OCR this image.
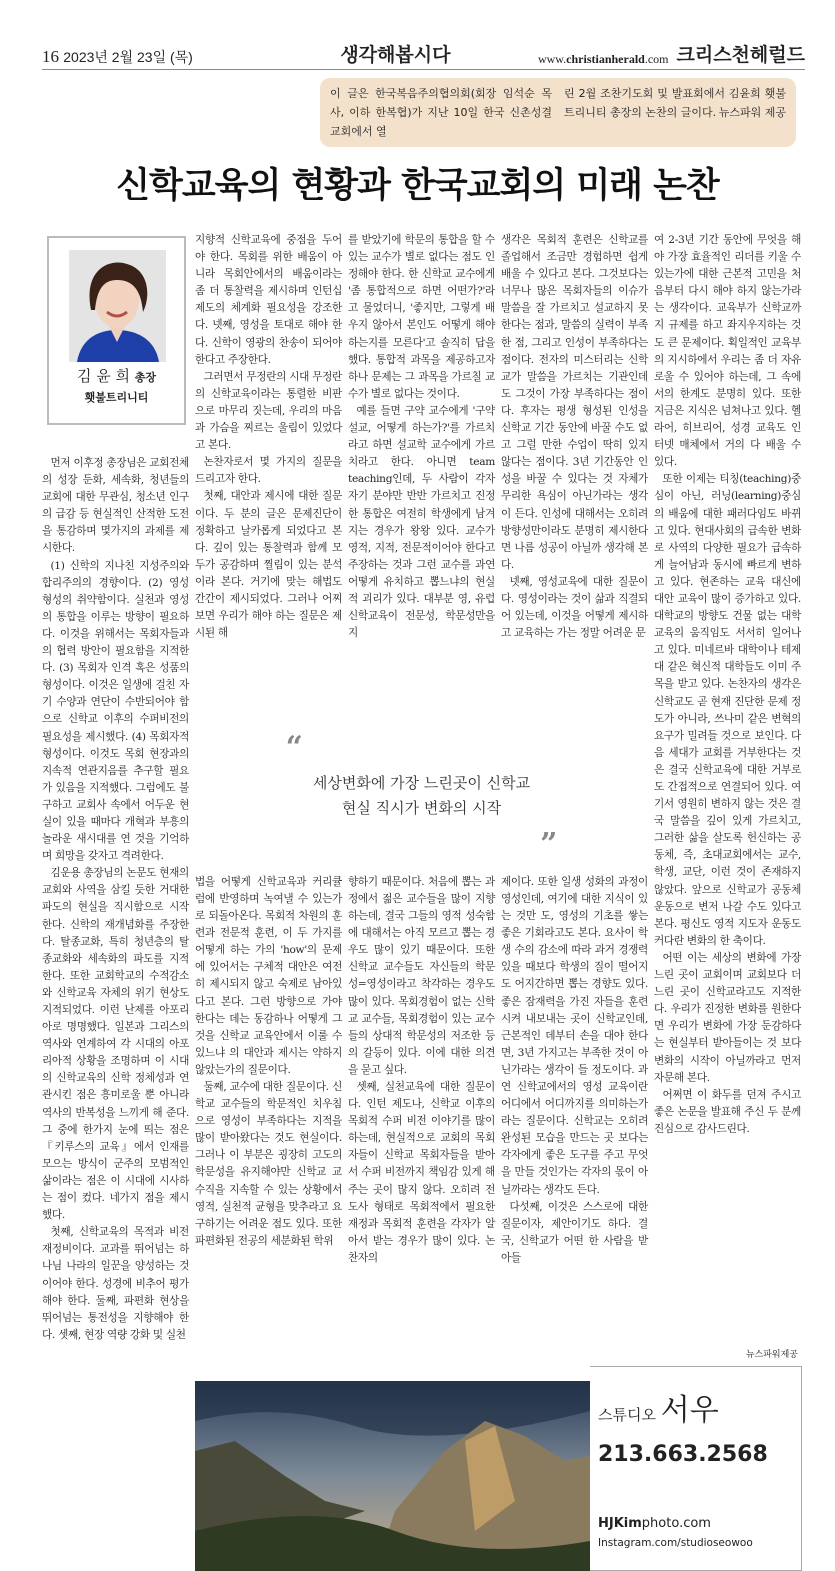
16 2023년 2월 23일 (목)	생각해봅시다	www.christianherald.com 크리스천헤럴드
이 글은 한국복음주의협의회(회장 임석순 목사, 이하 한복협)가 지난 10일 한국 신촌성결교회에서 열
린 2월 조찬기도회 및 발표회에서 김윤희 횃불트리니티 총장의 논찬의 글이다. 뉴스파워 제공
신학교육의 현황과 한국교회의 미래 논찬
김 윤 희 총장
횃불트리니티

먼저 이후정 총장님은 교회전체의 성장 둔화, 세속화, 청년들의 교회에 대한 무관심, 청소년 인구의 급감 등 현실적인 산적한 도전을 통감하며 몇가지의 과제를 제시한다.

(1) 신학의 지나친 지성주의와 합리주의의 경향이다. (2) 영성 형성의 취약함이다. 실천과 영성의 통합을 이루는 방향이 필요하다. 이것을 위해서는 목회자들과의 협력 방안이 필요함을 지적한다. (3) 목회자 인격 혹은 성품의 형성이다. 이것은 일생에 걸친 자기 수양과 연단이 수반되어야 함으로 신학교 이후의 수퍼비전의 필요성을 제시했다. (4) 목회자적 형성이다. 이것도 목회 현장과의 지속적 연관지음를 추구할 필요가 있음을 지적했다. 그럼에도 불구하고 교회사 속에서 어두운 현실이 있을 때마다 개혁과 부흥의 놀라운 새시대를 연 것을 기억하며 희망을 갖자고 격려한다.

김운용 총장님의 논문도 현재의 교회와 사역을 삼킬 듯한 거대한 파도의 현실을 직시함으로 시작한다. 신학의 재개념화를 주장한다. 탈종교화, 특히 청년층의 탈 종교화와 세속화의 파도를 지적한다. 또한 교회학교의 수적감소와 신학교육 자체의 위기 현상도 지적되었다. 이런 난제를 아포리아로 명명했다. 일본과 그리스의 역사와 연계하여 각 시대의 아포리아적 상황을 조명하며 이 시대의 신학교육의 신학 정체성과 연관시킨 점은 흥미로울 뿐 아니라 역사의 반복성을 느끼게 해 준다. 그 중에 한가지 눈에 띄는 점은 『키루스의 교육』에서 인재를 모으는 방식이 군주의 모범적인 삶이라는 점은 이 시대에 시사하는 점이 컸다. 네가지 점을 제시했다.

첫째, 신학교육의 목적과 비전 재정비이다. 교과를 뛰어넘는 하나님 나라의 일꾼을 양성하는 것이어야 한다. 성경에 비추어 평가해야 한다. 둘째, 파편화 현상을 뛰어넘는 통전성을 지향해야 한다. 셋째, 현장 역량 강화 및 실천

지향적 신학교육에 중점을 두어야 한다. 목회를 위한 배움이 아니라 목회안에서의 배움이라는 좀 더 통찰력을 제시하며 인턴십 제도의 체계화 필요성을 강조한다. 넷째, 영성을 토대로 해야 한다. 신학이 영광의 찬송이 되어야 한다고 주장한다.

그러면서 무정란의 시대 무정란의 신학교육이라는 통렬한 비판으로 마무리 짓는데, 우리의 마음과 가슴을 찌르는 울림이 있었다고 본다.

논찬자로서 몇 가지의 질문을 드리고자 한다.

첫째, 대안과 제시에 대한 질문이다. 두 분의 글은 문제진단이 정확하고 날카롭게 되었다고 본다. 깊이 있는 통찰력과 함께 모두가 공감하며 찔림이 있는 분석이라 본다. 거기에 맞는 해법도 간간이 제시되었다. 그러나 어찌 보면 우리가 해야 하는 질문은 제시된 해

를 받았기에 학문의 통합을 할 수 있는 교수가 별로 없다는 점도 인정해야 한다. 한 신학교 교수에게 '좀 통합적으로 하면 어떤가?'라고 물었더니, '좋지만, 그렇게 배우지 않아서 본인도 어떻게 해야 하는지를 모른다'고 솔직히 답을 했다. 통합적 과목을 제공하고자 하나 문제는 그 과목을 가르칠 교수가 별로 없다는 것이다.

예를 들면 구약 교수에게 '구약 설교, 어떻게 하는가?'를 가르치라고 하면 설교학 교수에게 가르치라고 한다. 아니면 team teaching인데, 두 사람이 각자 자기 분야만 반반 가르치고 진정한 통합은 여전히 학생에게 남겨지는 경우가 왕왕 있다. 교수가 영적, 지적, 전문적이어야 한다고 주장하는 것과 그런 교수를 과연 어떻게 유치하고 뽑느냐의 현실적 괴리가 있다. 대부분 영, 유럽 신학교육이 전문성, 학문성만을 지

생각은 목회적 훈련은 신학교를 졸업해서 조금만 경험하면 쉽게 배울 수 있다고 본다. 그것보다는 너무나 많은 목회자들의 이슈가 말씀을 잘 가르치고 설교하지 못한다는 점과, 말씀의 실력이 부족한 점, 그리고 인성이 부족하다는 점이다. 전자의 미스터리는 신학교가 말씀을 가르치는 기관인데도 그것이 가장 부족하다는 점이다. 후자는 평생 형성된 인성을 신학교 기간 동안에 바꿀 수도 없고 그럴 만한 수업이 딱히 있지 않다는 점이다. 3년 기간동안 인성을 바꿀 수 있다는 것 자체가 무리한 욕심이 아닌가라는 생각이 든다. 인성에 대해서는 오히려 방향성만이라도 분명히 제시한다면 나름 성공이 아닐까 생각해 본다.

넷째, 영성교육에 대한 질문이다. 영성이라는 것이 삶과 직결되어 있는데, 이것을 어떻게 제시하고 교육하는 가는 정말 어려운 문

“
세상변화에 가장 느린곳이 신학교
현실 직시가 변화의 시작
”

법을 어떻게 신학교육과 커리큘럼에 반영하며 녹여낼 수 있는가로 되돌아온다. 목회적 차원의 훈련과 전문적 훈련, 이 두 가지를 어떻게 하는 가의 'how'의 문제에 있어서는 구체적 대안은 여전히 제시되지 않고 숙제로 남아있다고 본다. 그런 방향으로 가야 한다는 데는 동감하나 어떻게 그것을 신학교 교육안에서 이룰 수 있느냐 의 대안과 제시는 약하지 않았는가의 질문이다.

둘째, 교수에 대한 질문이다. 신학교 교수들의 학문적인 치우침으로 영성이 부족하다는 지적을 많이 받아왔다는 것도 현실이다. 그러나 이 부분은 굉장히 고도의 학문성을 유지해야만 신학교 교수직을 지속할 수 있는 상황에서 영적, 실천적 균형을 맞추라고 요구하기는 어려운 점도 있다. 또한 파편화된 전공의 세분화된 학위

향하기 때문이다. 처음에 뽑는 과정에서 젊은 교수들을 많이 지향하는데, 결국 그들의 영적 성숙함에 대해서는 아직 모르고 뽑는 경우도 많이 있기 때문이다. 또한 신학교 교수들도 자신들의 학문성=영성이라고 착각하는 경우도 많이 있다. 목회경험이 없는 신학교 교수들, 목회경험이 있는 교수들의 상대적 학문성의 저조한 등의 갈등이 있다. 이에 대한 의견을 묻고 싶다.

셋째, 실천교육에 대한 질문이다. 인턴 제도나, 신학교 이후의 목회적 수퍼 비전 이야기를 많이 하는데, 현실적으로 교회의 목회자들이 신학교 목회자들을 받아서 수퍼 비전까지 책임감 있게 해 주는 곳이 많지 않다. 오히려 전도사 형태로 목회적에서 필요한 재정과 목회적 훈련을 각자가 알아서 받는 경우가 많이 있다. 논찬자의

제이다. 또한 일생 성화의 과정이 영성인데, 여기에 대한 지식이 있는 것만 도, 영성의 기초를 쌓는 좋은 기회라고도 본다. 요사이 학생 수의 감소에 따라 과거 경쟁력 있을 때보다 학생의 질이 떨어지도 어지간하면 뽑는 경향도 있다. 좋은 잠재력을 가진 자들을 훈련시켜 내보내는 곳이 신학교인데, 근본적인 데부터 손을 대야 한다면, 3년 가지고는 부족한 것이 아닌가라는 생각이 들 정도이다. 과연 신학교에서의 영성 교육이란 어디에서 어디까지를 의미하는가라는 질문이다. 신학교는 오히려 완성된 모습을 만드는 곳 보다는 각자에게 좋은 도구를 주고 무엇을 만들 것인가는 각자의 몫이 아닐까라는 생각도 든다.

다섯째, 이것은 스스로에 대한 질문이자, 제안이기도 하다. 결국, 신학교가 어떤 한 사람을 받아들

여 2-3년 기간 동안에 무엇을 해야 가장 효율적인 리더를 키울 수 있는가에 대한 근본적 고민을 처음부터 다시 해야 하지 않는가라는 생각이다. 교육부가 신학교까지 규제를 하고 좌지우지하는 것도 큰 문제이다. 획일적인 교육부의 지시하에서 우리는 좀 더 자유로울 수 있어야 하는데, 그 속에서의 한계도 분명히 있다. 또한 지금은 지식은 넘쳐나고 있다. 헬라어, 히브리어, 성경 교육도 인터넷 매체에서 거의 다 배울 수 있다.

또한 이제는 티칭(teaching)중심이 아닌, 러닝(learning)중심의 배움에 대한 패러다임도 바뀌고 있다. 현대사회의 급속한 변화로 사역의 다양한 필요가 급속하게 늘어남과 동시에 빠르게 변하고 있다. 현존하는 교육 대신에 대안 교육이 많이 증가하고 있다. 대학교의 방향도 건물 없는 대학교육의 움직임도 서서히 일어나고 있다. 미네르바 대학이나 테제대 같은 혁신적 대학들도 이미 주목을 받고 있다. 논찬자의 생각은 신학교도 곧 현재 진단한 문제 정도가 아니라, 쓰나미 같은 변혁의 요구가 밀려들 것으로 보인다. 다음 세대가 교회를 거부한다는 것은 결국 신학교육에 대한 거부로도 간접적으로 연결되어 있다. 여기서 영원히 변하지 않는 것은 결국 말씀을 깊이 있게 가르치고, 그러한 삶을 살도록 헌신하는 공동체, 즉, 초대교회에서는 교수, 학생, 교단, 이런 것이 존재하지 않았다. 앞으로 신학교가 공동체 운동으로 변저 나갈 수도 있다고 본다. 평신도 영적 지도자 운동도 커다란 변화의 한 축이다.

어떤 이는 세상의 변화에 가장 느린 곳이 교회이며 교회보다 더 느린 곳이 신학교라고도 지적한다. 우리가 진정한 변화를 원한다면 우리가 변화에 가장 둔감하다는 현실부터 받아들이는 것 보다 변화의 시작이 아닐까라고 먼저 자문해 본다.

어쩌면 이 화두를 던져 주시고 좋은 논문을 발표해 주신 두 분께 진심으로 감사드린다.

뉴스파워제공
스튜디오 서우
213.663.2568
HJKimphoto.com
Instagram.com/studioseowoo
